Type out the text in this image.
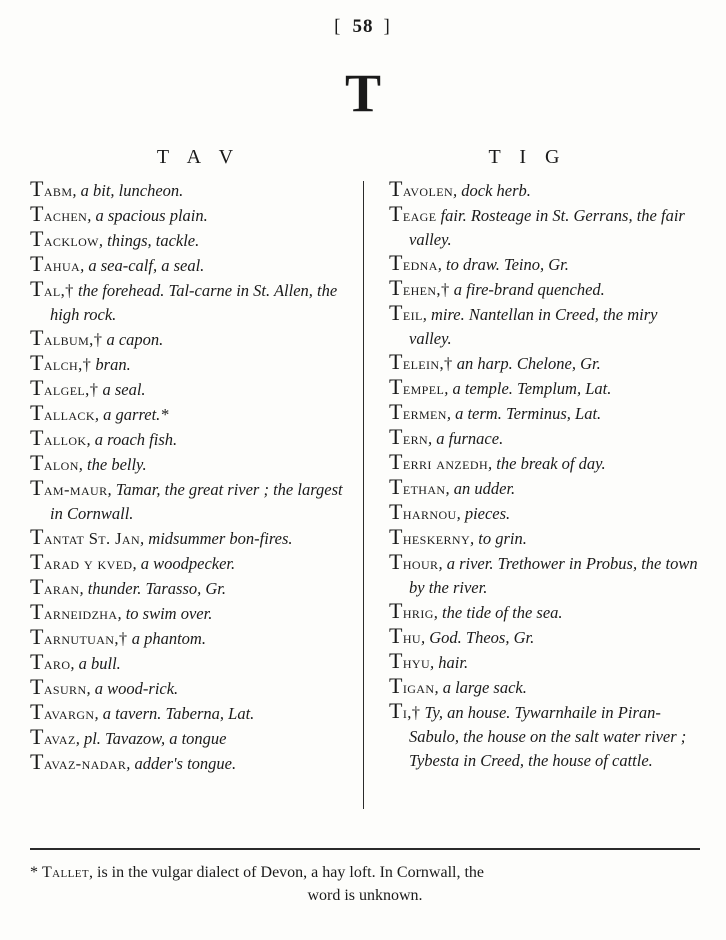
[ 58 ]
T
T A V	T I G

Tabm, a bit, luncheon.

Tachen, a spacious plain.

Tacklow, things, tackle.

Tahua, a sea-calf, a seal.

Tal,† the forehead. Tal-carne in St. Allen, the high rock.

Talbum,† a capon.

Talch,† bran.

Talgel,† a seal.

Tallack, a garret.*

Tallok, a roach fish.

Talon, the belly.

Tam-maur, Tamar, the great river ; the largest in Cornwall.

Tantat St. Jan, midsummer bon-fires.

Tarad y kved, a woodpecker.

Taran, thunder. Tarasso, Gr.

Tarneidzha, to swim over.

Tarnutuan,† a phantom.

Taro, a bull.

Tasurn, a wood-rick.

Tavargn, a tavern. Taberna, Lat.

Tavaz, pl. Tavazow, a tongue

Tavaz-nadar, adder's tongue.

Tavolen, dock herb.

Teage fair. Rosteage in St. Gerrans, the fair valley.

Tedna, to draw. Teino, Gr.

Tehen,† a fire-brand quenched.

Teil, mire. Nantellan in Creed, the miry valley.

Telein,† an harp. Chelone, Gr.

Tempel, a temple. Templum, Lat.

Termen, a term. Terminus, Lat.

Tern, a furnace.

Terri anzedh, the break of day.

Tethan, an udder.

Tharnou, pieces.

Theskerny, to grin.

Thour, a river. Trethower in Probus, the town by the river.

Thrig, the tide of the sea.

Thu, God. Theos, Gr.

Thyu, hair.

Tigan, a large sack.

Ti,† Ty, an house. Tywarnhaile in Piran-Sabulo, the house on the salt water river ; Tybesta in Creed, the house of cattle.

* Tallet, is in the vulgar dialect of Devon, a hay loft. In Cornwall, the
word is unknown.
